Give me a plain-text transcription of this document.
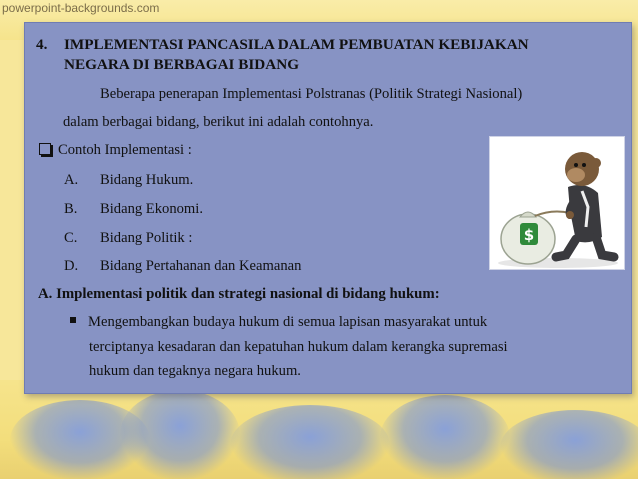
powerpoint-backgrounds.com
4. IMPLEMENTASI PANCASILA DALAM PEMBUATAN KEBIJAKAN
NEGARA DI BERBAGAI BIDANG
Beberapa penerapan Implementasi Polstranas (Politik Strategi Nasional)
dalam berbagai bidang, berikut ini adalah contohnya.
Contoh Implementasi :
A. Bidang Hukum.
B. Bidang Ekonomi.
C. Bidang Politik :
D. Bidang Pertahanan dan Keamanan
A. Implementasi politik dan strategi nasional di bidang hukum:
Mengembangkan budaya hukum di semua lapisan masyarakat untuk
terciptanya kesadaran dan kepatuhan hukum dalam kerangka supremasi
hukum dan tegaknya negara hukum.
$
